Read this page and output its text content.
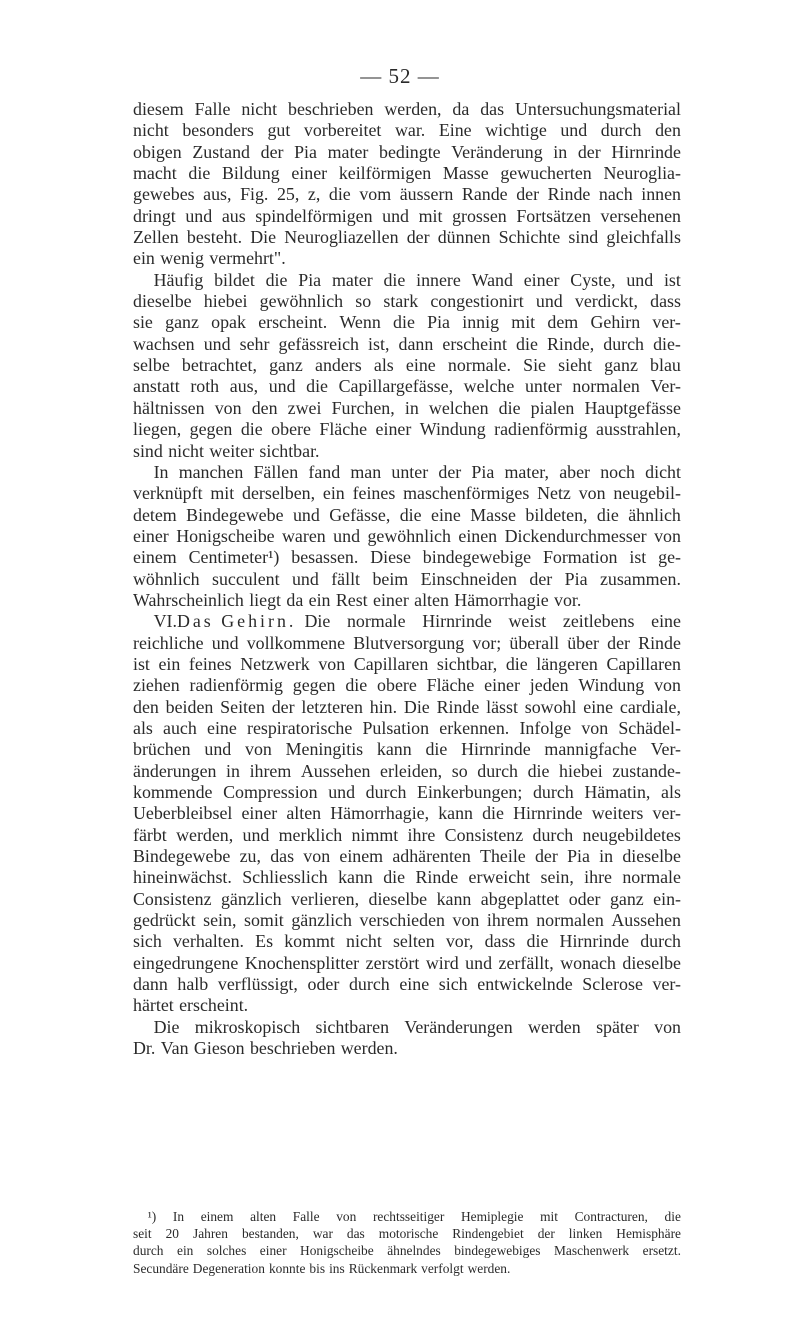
— 52 —
diesem Falle nicht beschrieben werden, da das Untersuchungsmaterial
nicht besonders gut vorbereitet war. Eine wichtige und durch den
obigen Zustand der Pia mater bedingte Veränderung in der Hirnrinde
macht die Bildung einer keilförmigen Masse gewucherten Neuroglia-
gewebes aus, Fig. 25, z, die vom äussern Rande der Rinde nach innen
dringt und aus spindelförmigen und mit grossen Fortsätzen versehenen
Zellen besteht. Die Neurogliazellen der dünnen Schichte sind gleichfalls
ein wenig vermehrt".
Häufig bildet die Pia mater die innere Wand einer Cyste, und ist
dieselbe hiebei gewöhnlich so stark congestionirt und verdickt, dass
sie ganz opak erscheint. Wenn die Pia innig mit dem Gehirn ver-
wachsen und sehr gefässreich ist, dann erscheint die Rinde, durch die-
selbe betrachtet, ganz anders als eine normale. Sie sieht ganz blau
anstatt roth aus, und die Capillargefässe, welche unter normalen Ver-
hältnissen von den zwei Furchen, in welchen die pialen Hauptgefässe
liegen, gegen die obere Fläche einer Windung radienförmig ausstrahlen,
sind nicht weiter sichtbar.
In manchen Fällen fand man unter der Pia mater, aber noch dicht
verknüpft mit derselben, ein feines maschenförmiges Netz von neugebil-
detem Bindegewebe und Gefässe, die eine Masse bildeten, die ähnlich
einer Honigscheibe waren und gewöhnlich einen Dickendurchmesser von
einem Centimeter¹) besassen. Diese bindegewebige Formation ist ge-
wöhnlich succulent und fällt beim Einschneiden der Pia zusammen.
Wahrscheinlich liegt da ein Rest einer alten Hämorrhagie vor.
VI. Das Gehirn. Die normale Hirnrinde weist zeitlebens eine
reichliche und vollkommene Blutversorgung vor; überall über der Rinde
ist ein feines Netzwerk von Capillaren sichtbar, die längeren Capillaren
ziehen radienförmig gegen die obere Fläche einer jeden Windung von
den beiden Seiten der letzteren hin. Die Rinde lässt sowohl eine cardiale,
als auch eine respiratorische Pulsation erkennen. Infolge von Schädel-
brüchen und von Meningitis kann die Hirnrinde mannigfache Ver-
änderungen in ihrem Aussehen erleiden, so durch die hiebei zustande-
kommende Compression und durch Einkerbungen; durch Hämatin, als
Ueberbleibsel einer alten Hämorrhagie, kann die Hirnrinde weiters ver-
färbt werden, und merklich nimmt ihre Consistenz durch neugebildetes
Bindegewebe zu, das von einem adhärenten Theile der Pia in dieselbe
hineinwächst. Schliesslich kann die Rinde erweicht sein, ihre normale
Consistenz gänzlich verlieren, dieselbe kann abgeplattet oder ganz ein-
gedrückt sein, somit gänzlich verschieden von ihrem normalen Aussehen
sich verhalten. Es kommt nicht selten vor, dass die Hirnrinde durch
eingedrungene Knochensplitter zerstört wird und zerfällt, wonach dieselbe
dann halb verflüssigt, oder durch eine sich entwickelnde Sclerose ver-
härtet erscheint.
Die mikroskopisch sichtbaren Veränderungen werden später von
Dr. Van Gieson beschrieben werden.
¹) In einem alten Falle von rechtsseitiger Hemiplegie mit Contracturen, die
seit 20 Jahren bestanden, war das motorische Rindengebiet der linken Hemisphäre
durch ein solches einer Honigscheibe ähnelndes bindegewebiges Maschenwerk ersetzt.
Secundäre Degeneration konnte bis ins Rückenmark verfolgt werden.
